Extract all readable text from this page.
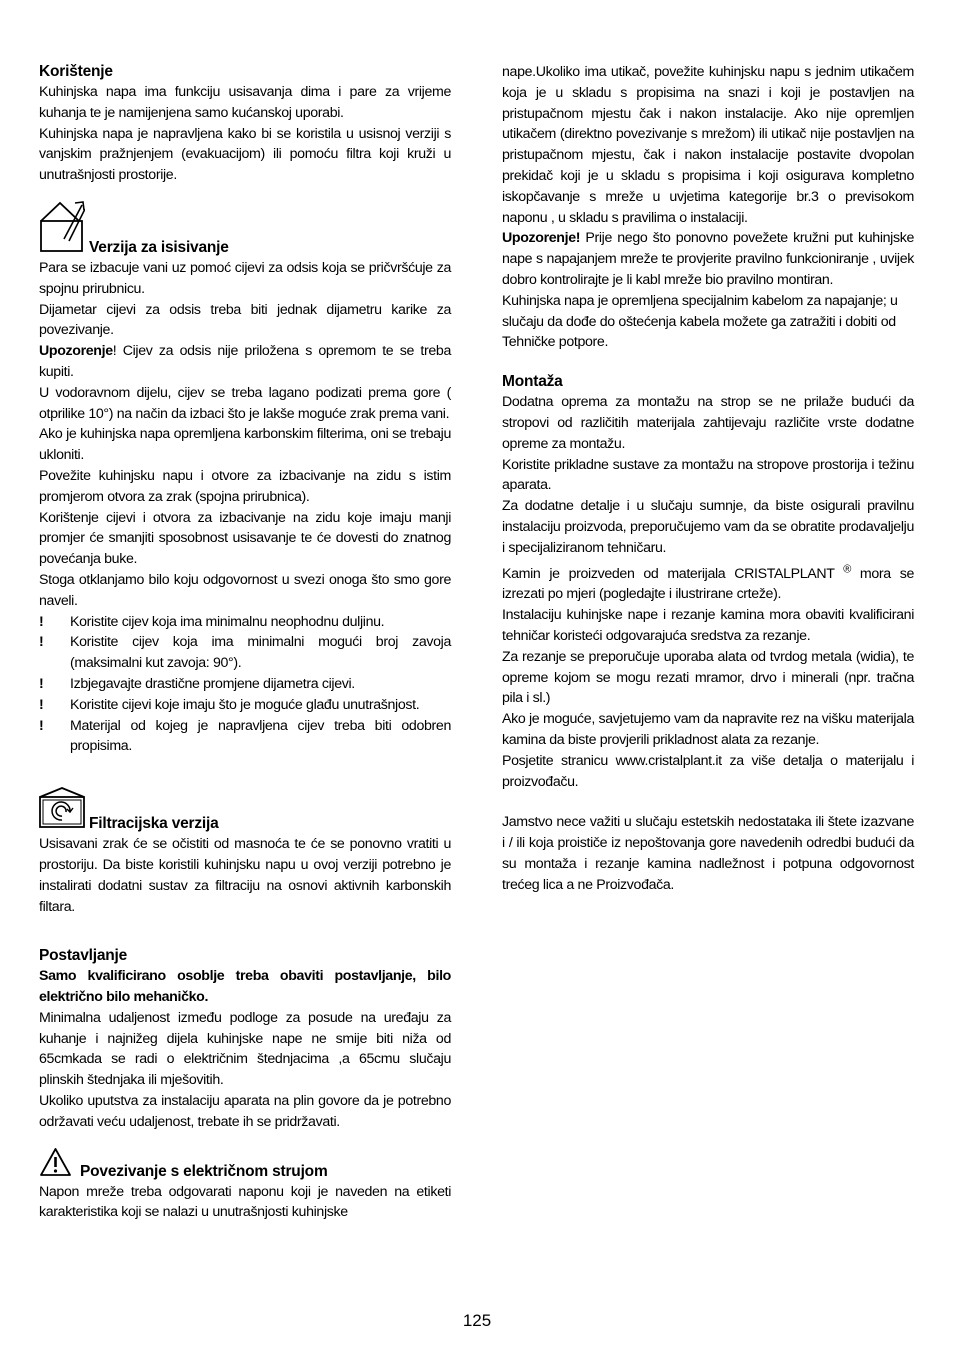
Korištenje

Kuhinjska napa ima funkciju usisavanja dima i pare za vrijeme kuhanja te je namijenjena samo kućanskoj uporabi.

Kuhinjska napa je napravljena kako bi se koristila u usisnoj verziji s vanjskim pražnjenjem (evakuacijom) ili pomoću filtra koji kruži u unutrašnjosti prostorije.

Verzija za isisivanje

Para se izbacuje vani uz pomoć cijevi za odsis koja se pričvršćuje za spojnu prirubnicu.

Dijametar cijevi za odsis treba biti jednak dijametru karike za povezivanje.

Upozorenje! Cijev za odsis nije priložena s opremom te se treba kupiti.

U vodoravnom dijelu, cijev se treba lagano podizati prema gore ( otprilike 10°) na način da izbaci što je lakše moguće zrak prema vani.

Ako je kuhinjska napa opremljena karbonskim filterima, oni se trebaju ukloniti.

Povežite kuhinjsku napu i otvore za izbacivanje na zidu s istim promjerom otvora za zrak (spojna prirubnica).

Korištenje cijevi i otvora za izbacivanje na zidu koje imaju manji promjer će smanjiti sposobnost usisavanje te će dovesti do znatnog povećanja buke.

Stoga otklanjamo bilo koju odgovornost u svezi onoga što smo gore naveli.

!	Koristite cijev koja ima minimalnu neophodnu duljinu.
!	Koristite cijev koja ima minimalni mogući broj zavoja (maksimalni kut zavoja: 90°).
!	Izbjegavajte drastične promjene dijametra cijevi.
!	Koristite cijevi koje imaju što je moguće glađu unutrašnjost.
!	Materijal od kojeg je napravljena cijev treba biti odobren propisima.
Filtracijska verzija

Usisavani zrak će se očistiti od masnoća te će se ponovno vratiti u prostoriju. Da biste koristili kuhinjsku napu u ovoj verziji potrebno je instalirati dodatni sustav za filtraciju na osnovi aktivnih karbonskih filtara.

Postavljanje

Samo kvalificirano osoblje treba obaviti postavljanje, bilo električno bilo mehaničko.

Minimalna udaljenost između podloge za posude na uređaju za kuhanje i najnižeg dijela kuhinjske nape ne smije biti niža od 65cmkada se radi o električnim štednjacima ,a 65cmu slučaju plinskih štednjaka ili mješovitih.

Ukoliko uputstva za instalaciju aparata na plin govore da je potrebno održavati veću udaljenost, trebate ih se pridržavati.

Povezivanje s električnom strujom

Napon mreže treba odgovarati naponu koji je naveden na etiketi karakteristika koji se nalazi u unutrašnjosti kuhinjske

nape.Ukoliko ima utikač, povežite kuhinjsku napu s jednim utikačem koja je u skladu s propisima na snazi i koji je postavljen na pristupačnom mjestu čak i nakon instalacije. Ako nije opremljen utikačem (direktno povezivanje s mrežom) ili utikač nije postavljen na pristupačnom mjestu, čak i nakon instalacije postavite dvopolan prekidač koji je u skladu s propisima i koji osigurava kompletno iskopčavanje s mreže u uvjetima kategorije br.3 o previsokom naponu , u skladu s pravilima o instalaciji.

Upozorenje! Prije nego što ponovno povežete kružni put kuhinjske nape s napajanjem mreže te provjerite pravilno funkcioniranje , uvijek dobro kontrolirajte je li kabl mreže bio pravilno montiran.

Kuhinjska napa je opremljena specijalnim kabelom za napajanje; u slučaju da dođe do oštećenja kabela možete ga zatražiti i dobiti od Tehničke potpore.

Montaža

Dodatna oprema za montažu na strop se ne prilaže budući da stropovi od različitih materijala zahtijevaju različite vrste dodatne opreme za montažu.

Koristite prikladne sustave za montažu na stropove prostorija i težinu aparata.

Za dodatne detalje i u slučaju sumnje, da biste osigurali pravilnu instalaciju proizvoda, preporučujemo vam da se obratite prodavaljelju i specijaliziranom tehničaru.

Kamin je proizveden od materijala CRISTALPLANT ® mora se izrezati po mjeri (pogledajte i ilustrirane crteže).

Instalaciju kuhinjske nape i rezanje kamina mora obaviti kvalificirani tehničar koristeći odgovarajuća sredstva za rezanje.

Za rezanje se preporučuje uporaba alata od tvrdog metala (widia), te opreme kojom se mogu rezati mramor, drvo i minerali (npr. tračna pila i sl.)

Ako je moguće, savjetujemo vam da napravite rez na višku materijala kamina da biste provjerili prikladnost alata za rezanje.

Posjetite stranicu www.cristalplant.it za više detalja o materijalu i proizvođaču.

Jamstvo nece važiti u slučaju estetskih nedostataka ili štete izazvane i / ili koja proističe iz nepoštovanja gore navedenih odredbi budući da su montaža i rezanje kamina nadležnost i potpuna odgovornost trećeg lica a ne Proizvođača.

125
